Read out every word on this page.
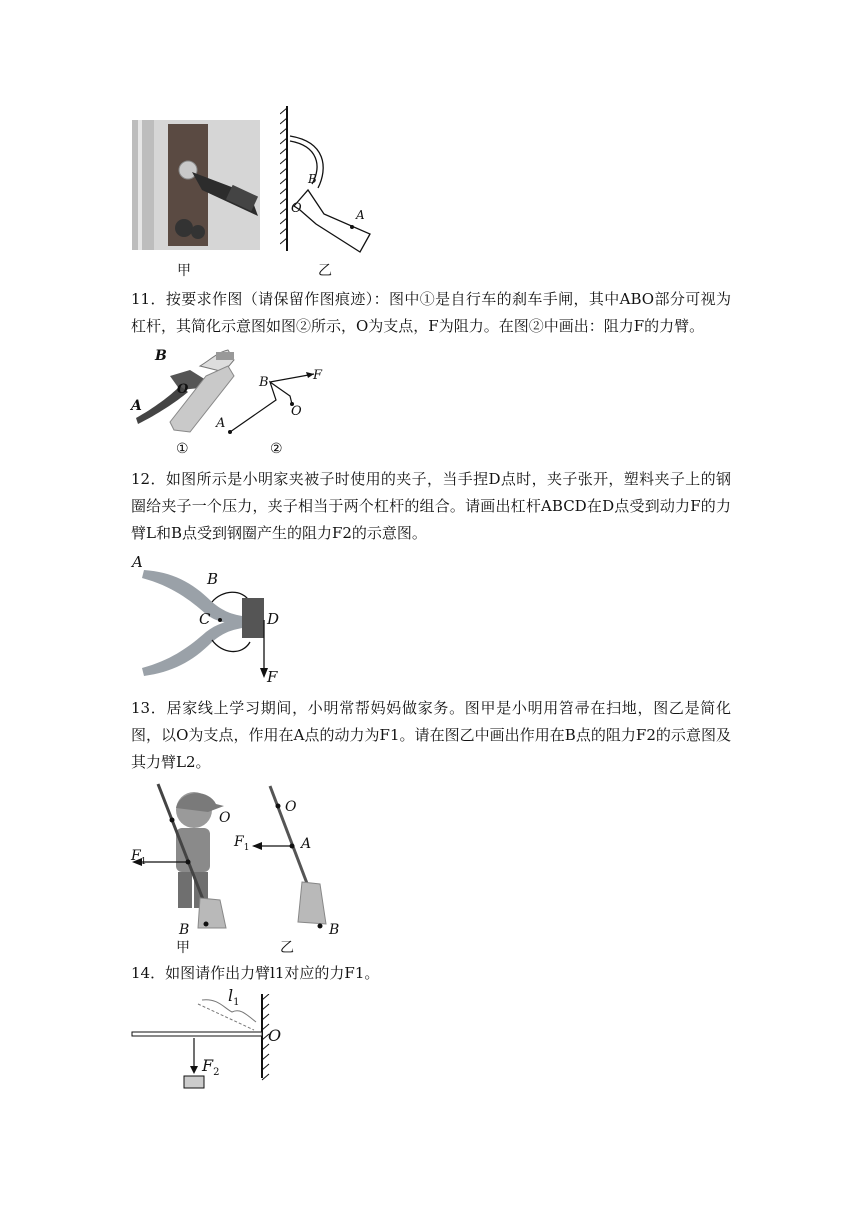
甲
B
O	A
乙
11．按要求作图（请保留作图痕迹）：图中①是自行车的刹车手闸，其中ABO部分可视为杠杆，其简化示意图如图②所示，O为支点，F为阻力。在图②中画出：阻力F的力臂。
B
O
A
①
B	F
O
A
②
12．如图所示是小明家夹被子时使用的夹子，当手捏D点时，夹子张开，塑料夹子上的钢圈给夹子一个压力，夹子相当于两个杠杆的组合。请画出杠杆ABCD在D点受到动力F的力臂L和B点受到钢圈产生的阻力F2的示意图。
A
B
C	D
F
13．居家线上学习期间，小明常帮妈妈做家务。图甲是小明用笤帚在扫地，图乙是简化图，以O为支点，作用在A点的动力为F1。请在图乙中画出作用在B点的阻力F2的示意图及其力臂L2。
O
$F_1$
B
甲
O
$F_1$	A
B
乙
14．如图请作出力臂l1对应的力F1。
$l_1$
O
$F_2$
